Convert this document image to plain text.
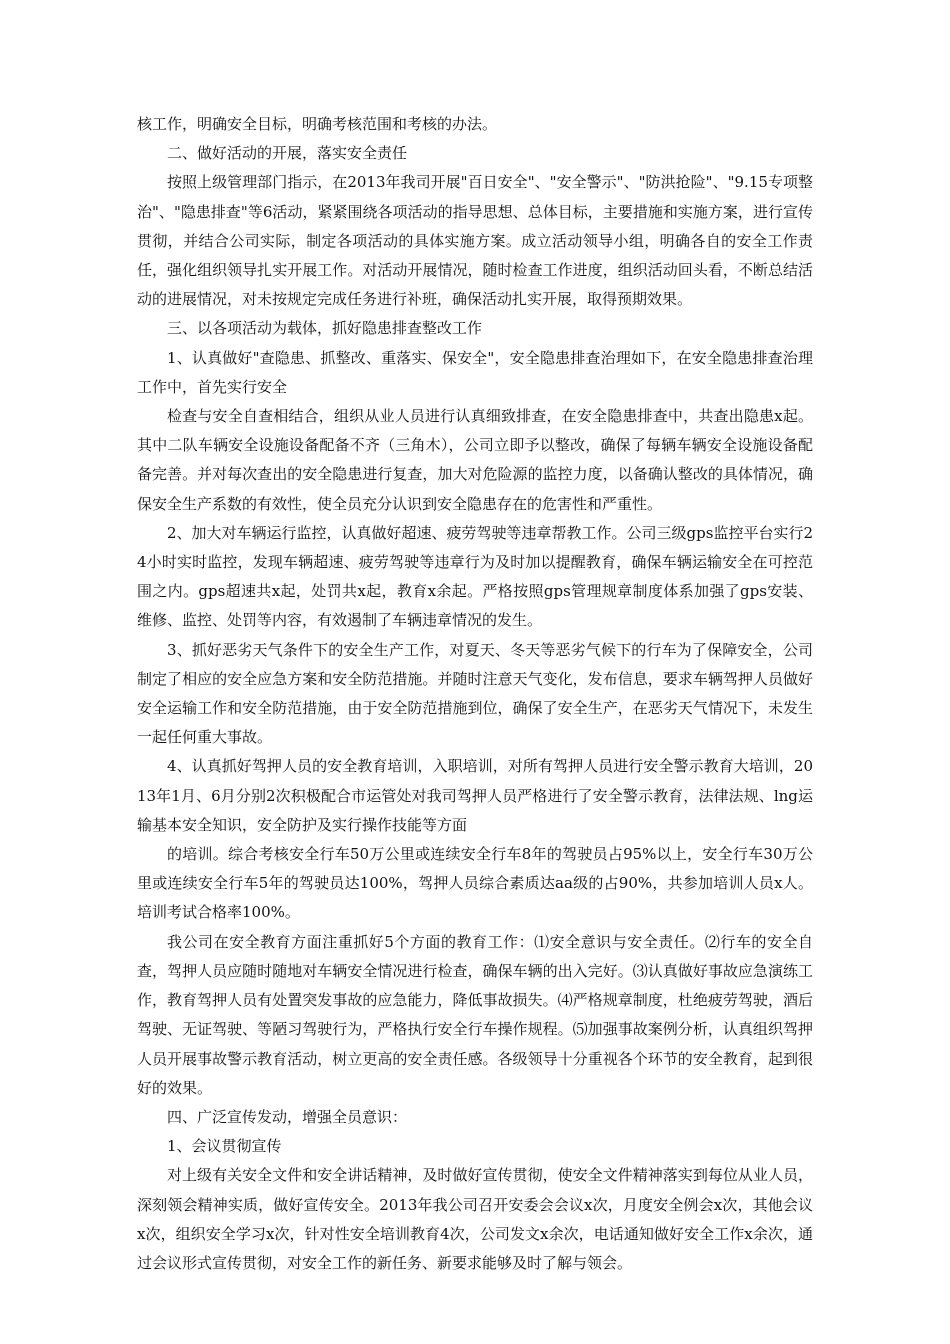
核工作，明确安全目标，明确考核范围和考核的办法。

二、做好活动的开展，落实安全责任

按照上级管理部门指示，在2013年我司开展"百日安全"、"安全警示"、"防洪抢险"、"9.15专项整治"、"隐患排查"等6活动，紧紧围绕各项活动的指导思想、总体目标，主要措施和实施方案，进行宣传贯彻，并结合公司实际，制定各项活动的具体实施方案。成立活动领导小组，明确各自的安全工作责任，强化组织领导扎实开展工作。对活动开展情况，随时检查工作进度，组织活动回头看，不断总结活动的进展情况，对未按规定完成任务进行补班，确保活动扎实开展，取得预期效果。

三、以各项活动为载体，抓好隐患排查整改工作

1、认真做好"查隐患、抓整改、重落实、保安全"，安全隐患排查治理如下，在安全隐患排查治理工作中，首先实行安全

检查与安全自查相结合，组织从业人员进行认真细致排查，在安全隐患排查中，共查出隐患x起。其中二队车辆安全设施设备配备不齐（三角木），公司立即予以整改，确保了每辆车辆安全设施设备配备完善。并对每次查出的安全隐患进行复查，加大对危险源的监控力度，以备确认整改的具体情况，确保安全生产系数的有效性，使全员充分认识到安全隐患存在的危害性和严重性。

2、加大对车辆运行监控，认真做好超速、疲劳驾驶等违章帮教工作。公司三级gps监控平台实行24小时实时监控，发现车辆超速、疲劳驾驶等违章行为及时加以提醒教育，确保车辆运输安全在可控范围之内。gps超速共x起，处罚共x起，教育x余起。严格按照gps管理规章制度体系加强了gps安装、维修、监控、处罚等内容，有效遏制了车辆违章情况的发生。

3、抓好恶劣天气条件下的安全生产工作，对夏天、冬天等恶劣气候下的行车为了保障安全，公司制定了相应的安全应急方案和安全防范措施。并随时注意天气变化，发布信息，要求车辆驾押人员做好安全运输工作和安全防范措施，由于安全防范措施到位，确保了安全生产，在恶劣天气情况下，未发生一起任何重大事故。

4、认真抓好驾押人员的安全教育培训，入职培训，对所有驾押人员进行安全警示教育大培训，2013年1月、6月分别2次积极配合市运管处对我司驾押人员严格进行了安全警示教育，法律法规、lng运输基本安全知识，安全防护及实行操作技能等方面

的培训。综合考核安全行车50万公里或连续安全行车8年的驾驶员占95%以上，安全行车30万公里或连续安全行车5年的驾驶员达100%，驾押人员综合素质达aa级的占90%，共参加培训人员x人。培训考试合格率100%。

我公司在安全教育方面注重抓好5个方面的教育工作：⑴安全意识与安全责任。⑵行车的安全自查，驾押人员应随时随地对车辆安全情况进行检查，确保车辆的出入完好。⑶认真做好事故应急演练工作，教育驾押人员有处置突发事故的应急能力，降低事故损失。⑷严格规章制度，杜绝疲劳驾驶，酒后驾驶、无证驾驶、等陋习驾驶行为，严格执行安全行车操作规程。⑸加强事故案例分析，认真组织驾押人员开展事故警示教育活动，树立更高的安全责任感。各级领导十分重视各个环节的安全教育，起到很好的效果。

四、广泛宣传发动，增强全员意识：

1、会议贯彻宣传

对上级有关安全文件和安全讲话精神，及时做好宣传贯彻，使安全文件精神落实到每位从业人员，深刻领会精神实质，做好宣传安全。2013年我公司召开安委会会议x次，月度安全例会x次，其他会议x次，组织安全学习x次，针对性安全培训教育4次，公司发文x余次，电话通知做好安全工作x余次，通过会议形式宣传贯彻，对安全工作的新任务、新要求能够及时了解与领会。
